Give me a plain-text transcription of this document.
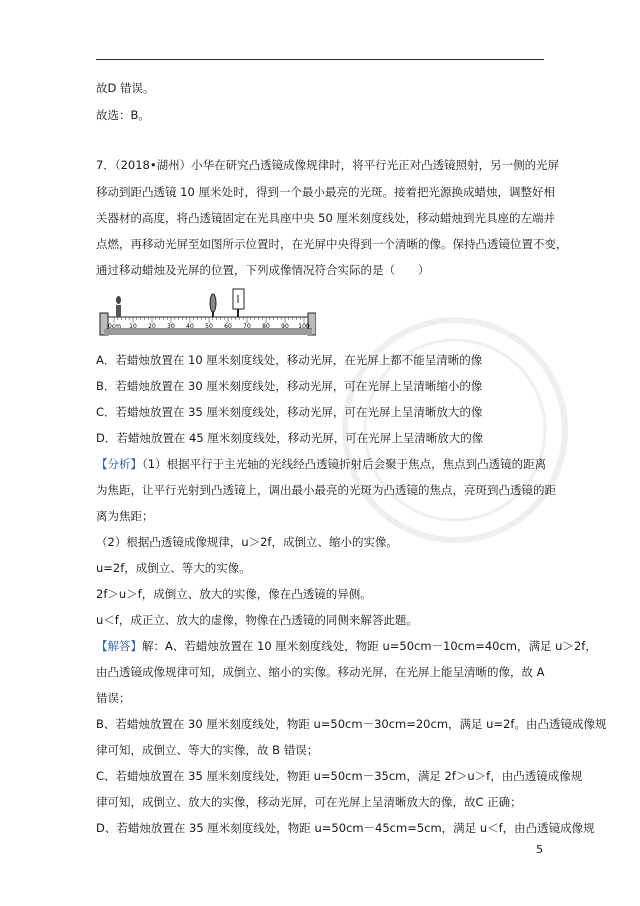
故D 错误。
故选：B。
7．（2018•湖州）小华在研究凸透镜成像规律时，将平行光正对凸透镜照射，另一侧的光屏
移动到距凸透镜 10 厘米处时，得到一个最小最亮的光斑。接着把光源换成蜡烛，调整好相
关器材的高度，将凸透镜固定在光具座中央 50 厘米刻度线处，移动蜡烛到光具座的左端并
点燃，再移动光屏至如图所示位置时，在光屏中央得到一个清晰的像。保持凸透镜位置不变，
通过移动蜡烛及光屏的位置，下列成像情况符合实际的是（　　）
0cm 10 20 30 40 50 60 70 80 90 100
A．若蜡烛放置在 10 厘米刻度线处，移动光屏，在光屏上都不能呈清晰的像
B．若蜡烛放置在 30 厘米刻度线处，移动光屏，可在光屏上呈清晰缩小的像
C．若蜡烛放置在 35 厘米刻度线处，移动光屏，可在光屏上呈清晰放大的像
D．若蜡烛放置在 45 厘米刻度线处，移动光屏，可在光屏上呈清晰放大的像
【分析】（1）根据平行于主光轴的光线经凸透镜折射后会聚于焦点，焦点到凸透镜的距离
为焦距，让平行光射到凸透镜上，调出最小最亮的光斑为凸透镜的焦点，亮斑到凸透镜的距
离为焦距；
（2）根据凸透镜成像规律，u＞2f，成倒立、缩小的实像。
u=2f，成倒立、等大的实像。
2f＞u＞f，成倒立、放大的实像，像在凸透镜的异侧。
u＜f，成正立、放大的虚像，物像在凸透镜的同侧来解答此题。
【解答】解：A、若蜡烛放置在 10 厘米刻度线处，物距 u=50cm－10cm=40cm，满足 u＞2f，
由凸透镜成像规律可知，成倒立、缩小的实像。移动光屏，在光屏上能呈清晰的像，故 A
错误；
B、若蜡烛放置在 30 厘米刻度线处，物距 u=50cm－30cm=20cm，满足 u=2f。由凸透镜成像规
律可知，成倒立、等大的实像，故 B 错误；
C、若蜡烛放置在 35 厘米刻度线处，物距 u=50cm－35cm，满足 2f＞u＞f，由凸透镜成像规
律可知，成倒立、放大的实像，移动光屏，可在光屏上呈清晰放大的像，故C 正确；
D、若蜡烛放置在 35 厘米刻度线处，物距 u=50cm－45cm=5cm，满足 u＜f，由凸透镜成像规
5
